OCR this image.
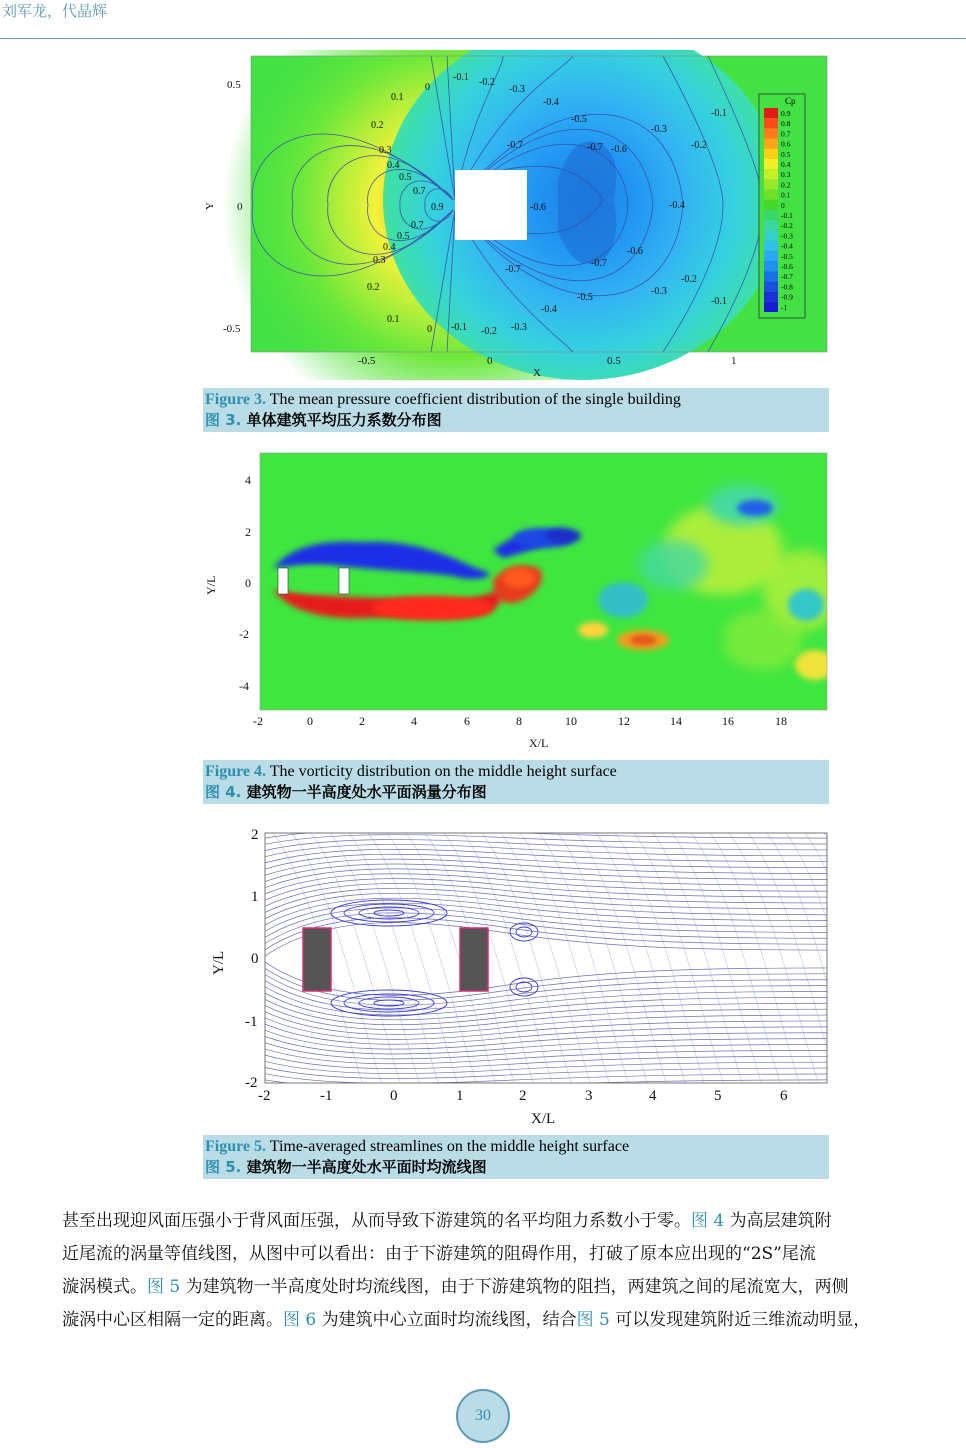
刘军龙，代晶辉
0.1
0.2
0.3
0.4
0.5
0.7
0.9
0.7
0.5
0.4
0.3
0.2
0.1
0
0
-0.1 -0.2
-0.3
-0.4
-0.5
-0.7
-0.6
-0.7 -0.6
-0.3
-0.2
-0.1
-0.4
-0.7
-0.7
-0.6
-0.5
-0.4
-0.3
-0.2
-0.1
-0.3
-0.2
-0.1
Cp
0.9
0.8
0.7
0.6
0.5
0.4
0.3
0.2
0.1
0
-0.1
-0.2
-0.3
-0.4
-0.5
-0.6
-0.7
-0.8
-0.9
-1
0.5
0
-0.5
-0.5	0	0.5	1
X
Y
Figure 3. The mean pressure coefficient distribution of the single building
图 3. 单体建筑平均压力系数分布图
4
2
0
-2
-4
-2	0	2	4	6	8	10	12	14	16	18
X/L
Y/L
Figure 4. The vorticity distribution on the middle height surface
图 4. 建筑物一半高度处水平面涡量分布图
2
1
0
-1
-2
-2	-1	0	1	2	3	4	5	6
X/L
Y/L
Figure 5. Time-averaged streamlines on the middle height surface
图 5. 建筑物一半高度处水平面时均流线图
甚至出现迎风面压强小于背风面压强，从而导致下游建筑的名平均阻力系数小于零。图 4 为高层建筑附
近尾流的涡量等值线图，从图中可以看出：由于下游建筑的阻碍作用，打破了原本应出现的“2S”尾流
漩涡模式。图 5 为建筑物一半高度处时均流线图，由于下游建筑物的阻挡，两建筑之间的尾流宽大，两侧
漩涡中心区相隔一定的距离。图 6 为建筑中心立面时均流线图，结合图 5 可以发现建筑附近三维流动明显，
30
